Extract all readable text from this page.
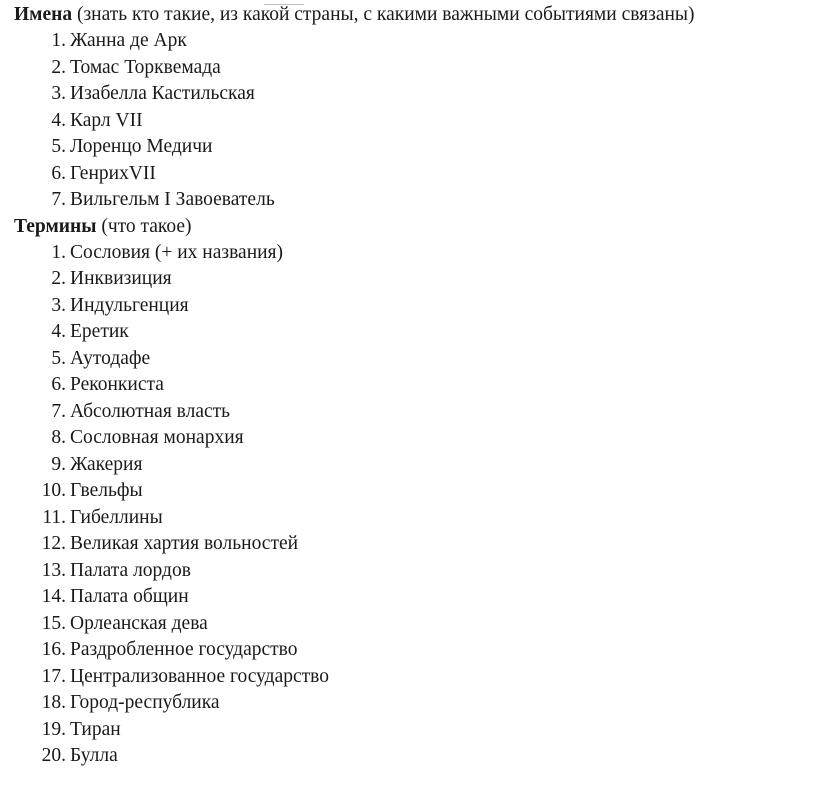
Имена (знать кто такие, из какой страны, с какими важными событиями связаны)
1. Жанна де Арк
2. Томас Торквемада
3. Изабелла Кастильская
4. Карл VII
5. Лоренцо Медичи
6. ГенрихVII
7. Вильгельм I Завоеватель
Термины (что такое)
1. Сословия (+ их названия)
2. Инквизиция
3. Индульгенция
4. Еретик
5. Аутодафе
6. Реконкиста
7. Абсолютная власть
8. Сословная монархия
9. Жакерия
10. Гвельфы
11. Гибеллины
12. Великая хартия вольностей
13. Палата лордов
14. Палата общин
15. Орлеанская дева
16. Раздробленное государство
17. Централизованное государство
18. Город-республика
19. Тиран
20. Булла
